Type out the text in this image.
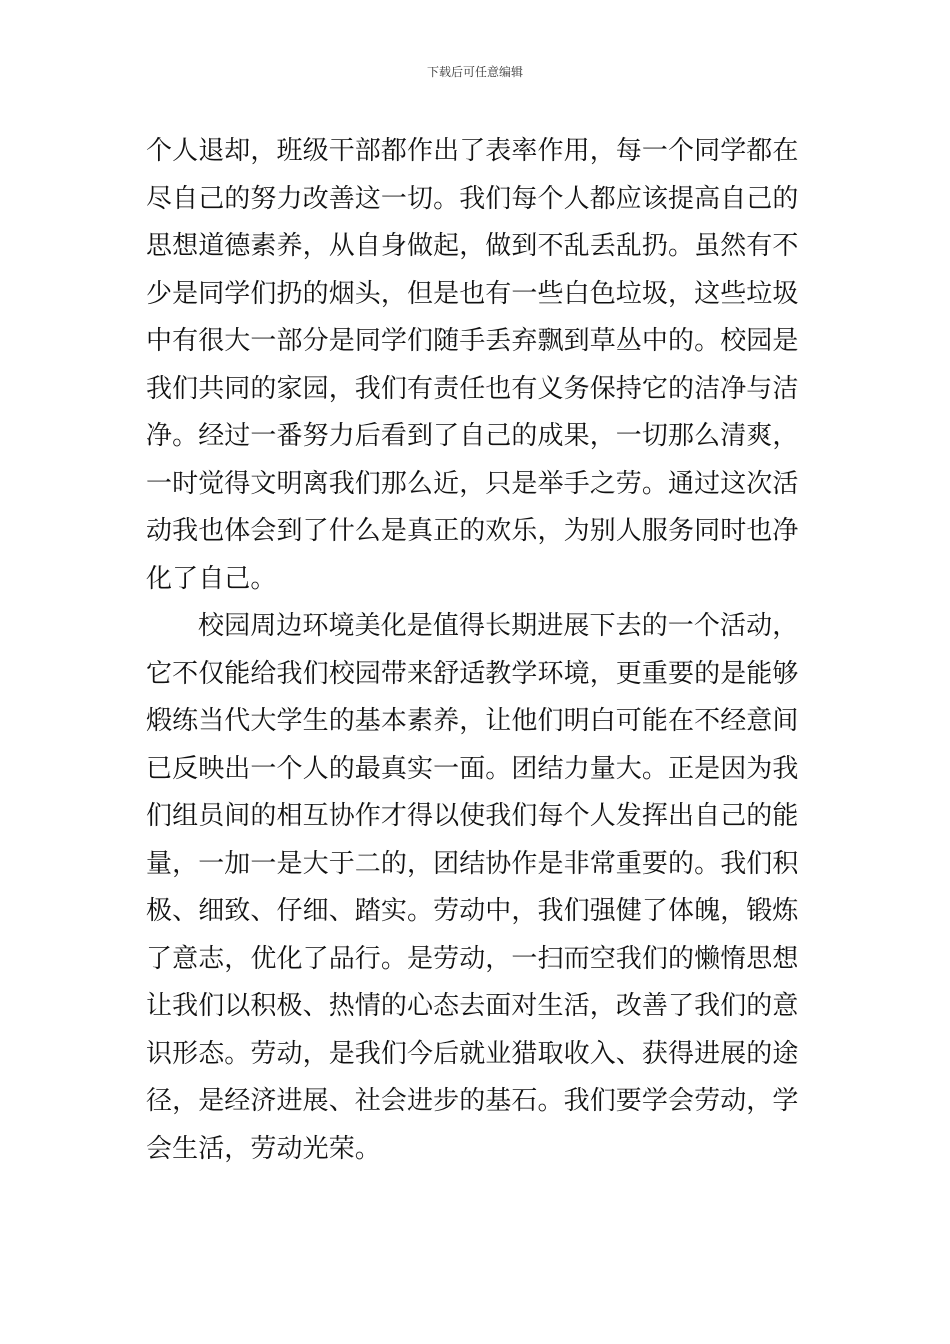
下载后可任意编辑
个人退却，班级干部都作出了表率作用，每一个同学都在
尽自己的努力改善这一切。我们每个人都应该提高自己的
思想道德素养，从自身做起，做到不乱丢乱扔。虽然有不
少是同学们扔的烟头，但是也有一些白色垃圾，这些垃圾
中有很大一部分是同学们随手丢弃飘到草丛中的。校园是
我们共同的家园，我们有责任也有义务保持它的洁净与洁
净。经过一番努力后看到了自己的成果，一切那么清爽，
一时觉得文明离我们那么近，只是举手之劳。通过这次活
动我也体会到了什么是真正的欢乐，为别人服务同时也净
化了自己。
校园周边环境美化是值得长期进展下去的一个活动，
它不仅能给我们校园带来舒适教学环境，更重要的是能够
煅练当代大学生的基本素养，让他们明白可能在不经意间
已反映出一个人的最真实一面。团结力量大。正是因为我
们组员间的相互协作才得以使我们每个人发挥出自己的能
量，一加一是大于二的，团结协作是非常重要的。我们积
极、细致、仔细、踏实。劳动中，我们强健了体魄，锻炼
了意志，优化了品行。是劳动，一扫而空我们的懒惰思想
让我们以积极、热情的心态去面对生活，改善了我们的意
识形态。劳动，是我们今后就业猎取收入、获得进展的途
径，是经济进展、社会进步的基石。我们要学会劳动，学
会生活，劳动光荣。
